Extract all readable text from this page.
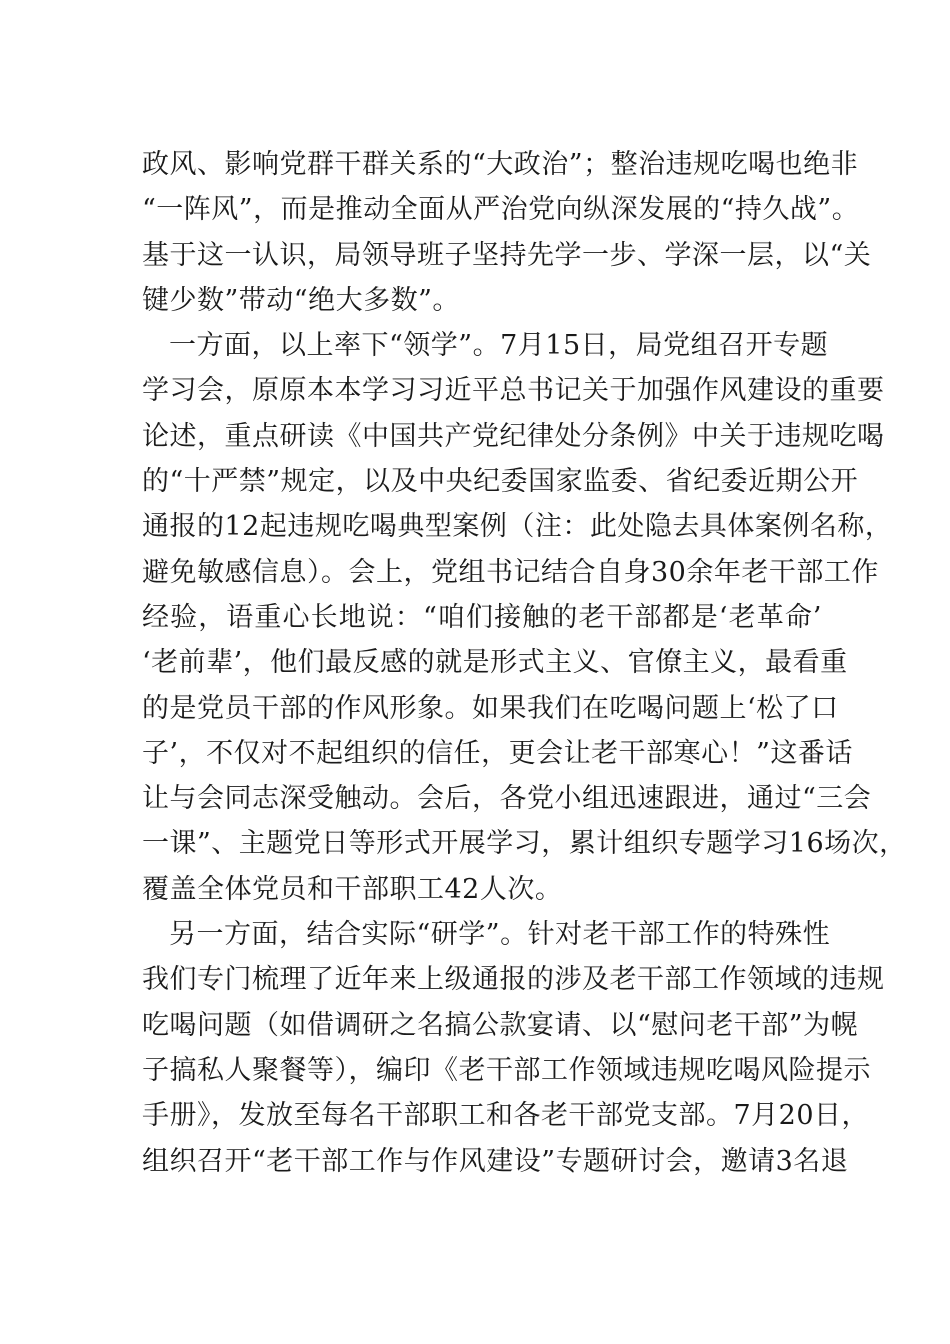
政风、影响党群干群关系的“大政治”；整治违规吃喝也绝非
“一阵风”，而是推动全面从严治党向纵深发展的“持久战”。
基于这一认识，局领导班子坚持先学一步、学深一层，以“关
键少数”带动“绝大多数”。
一方面，以上率下“领学”。7月15日，局党组召开专题
学习会，原原本本学习习近平总书记关于加强作风建设的重要
论述，重点研读《中国共产党纪律处分条例》中关于违规吃喝
的“十严禁”规定，以及中央纪委国家监委、省纪委近期公开
通报的12起违规吃喝典型案例（注：此处隐去具体案例名称，
避免敏感信息）。会上，党组书记结合自身30余年老干部工作
经验，语重心长地说：“咱们接触的老干部都是‘老革命’
‘老前辈’，他们最反感的就是形式主义、官僚主义，最看重
的是党员干部的作风形象。如果我们在吃喝问题上‘松了口
子’，不仅对不起组织的信任，更会让老干部寒心！”这番话
让与会同志深受触动。会后，各党小组迅速跟进，通过“三会
一课”、主题党日等形式开展学习，累计组织专题学习16场次，
覆盖全体党员和干部职工42人次。
另一方面，结合实际“研学”。针对老干部工作的特殊性
我们专门梳理了近年来上级通报的涉及老干部工作领域的违规
吃喝问题（如借调研之名搞公款宴请、以“慰问老干部”为幌
子搞私人聚餐等），编印《老干部工作领域违规吃喝风险提示
手册》，发放至每名干部职工和各老干部党支部。7月20日，
组织召开“老干部工作与作风建设”专题研讨会，邀请3名退
